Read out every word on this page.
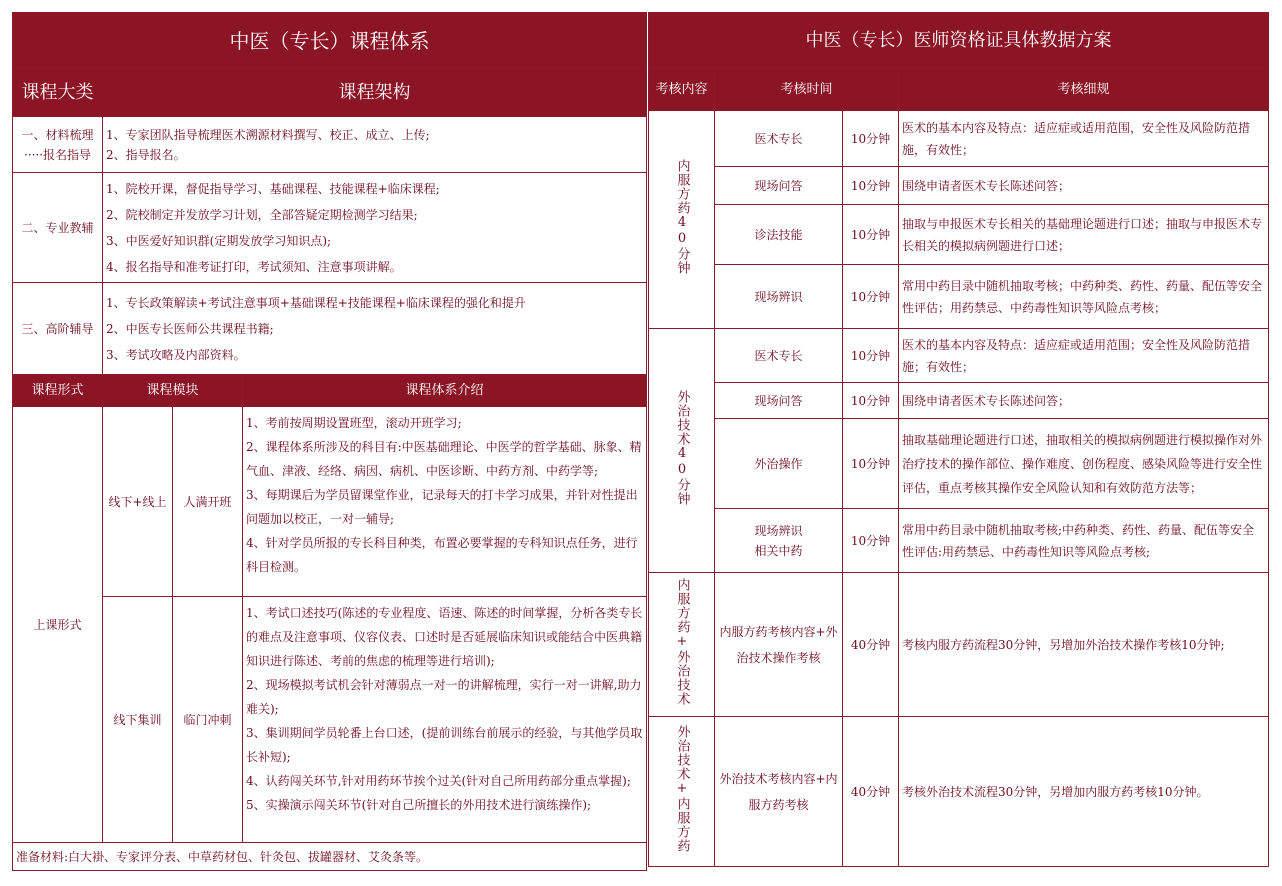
中医（专长）课程体系			
课程大类	课程架构		

一、材料梳理
·····报名指导	1、专家团队指导梳理医术溯源材料撰写、校正、成立、上传;
2、指导报名。		

二、专业教辅	1、院校开课，督促指导学习、基础课程、技能课程+临床课程;
2、院校制定并发放学习计划，全部答疑定期检测学习结果;
3、中医爱好知识群(定期发放学习知识点);
4、报名指导和准考证打印，考试须知、注意事项讲解。		

三、高阶辅导	1、专长政策解读+考试注意事项+基础课程+技能课程+临床课程的强化和提升
2、中医专长医师公共课程书籍;
3、考试攻略及内部资料。		

课程形式	课程模块		课程体系介绍
上课形式	线下+线上	人满开班	1、考前按周期设置班型，滚动开班学习;
2、课程体系所涉及的科目有:中医基础理论、中医学的哲学基础、脉象、精气血、津液、经络、病因、病机、中医诊断、中药方剂、中药学等;
3、每期课后为学员留课堂作业，记录每天的打卡学习成果，并针对性提出问题加以校正，一对一辅导;
4、针对学员所报的专长科目种类，布置必要掌握的专科知识点任务，进行科目检测。

	线下集训	临门冲刺	1、考试口述技巧(陈述的专业程度、语速、陈述的时间掌握，分析各类专长的难点及注意事项、仪容仪表、口述时是否延展临床知识或能结合中医典籍知识进行陈述、考前的焦虑的梳理等进行培训);
2、现场模拟考试机会针对薄弱点一对一的讲解梳理，实行一对一讲解,助力难关);
3、集训期间学员轮番上台口述，(提前训练台前展示的经验，与其他学员取长补短);
4、认药闯关环节,针对用药环节挨个过关(针对自己所用药部分重点掌握);
5、实操演示闯关环节(针对自己所擅长的外用技术进行演练操作);

准备材料:白大褂、专家评分表、中草药材包、针灸包、拔罐器材、艾灸条等。			
中医（专长）医师资格证具体教据方案			
考核内容	考核时间		考核细规
内服方药40分钟	医术专长	10分钟	医术的基本内容及特点：适应症或适用范围，安全性及风险防范措施，有效性；
	现场问答	10分钟	围绕申请者医术专长陈述问答；
	诊法技能	10分钟	抽取与申报医术专长相关的基础理论题进行口述；抽取与申报医术专长相关的模拟病例题进行口述；
	现场辨识	10分钟	常用中药目录中随机抽取考核；中药种类、药性、药量、配伍等安全性评估；用药禁忌、中药毒性知识等风险点考核；
外治技术40分钟	医术专长	10分钟	医术的基本内容及特点：适应症或适用范围；安全性及风险防范措施；有效性；
	现场问答	10分钟	围绕申请者医术专长陈述问答；
	外治操作	10分钟	抽取基础理论题进行口述，抽取相关的模拟病例题进行模拟操作对外治疗技术的操作部位、操作难度、创伤程度、感染风险等进行安全性评估，重点考核其操作安全风险认知和有效防范方法等；

	现场辨识
相关中药	10分钟	常用中药目录中随机抽取考核;中药种类、药性、药量、配伍等安全性评估:用药禁忌、中药毒性知识等风险点考核;
内服方药+外治技术	内服方药考核内容+外治技术操作考核	40分钟	考核内服方药流程30分钟，另增加外治技术操作考核10分钟;
外治技术+内服方药	外治技术考核内容+内服方药考核	40分钟	考核外治技术流程30分钟，另增加内服方药考核10分钟。
